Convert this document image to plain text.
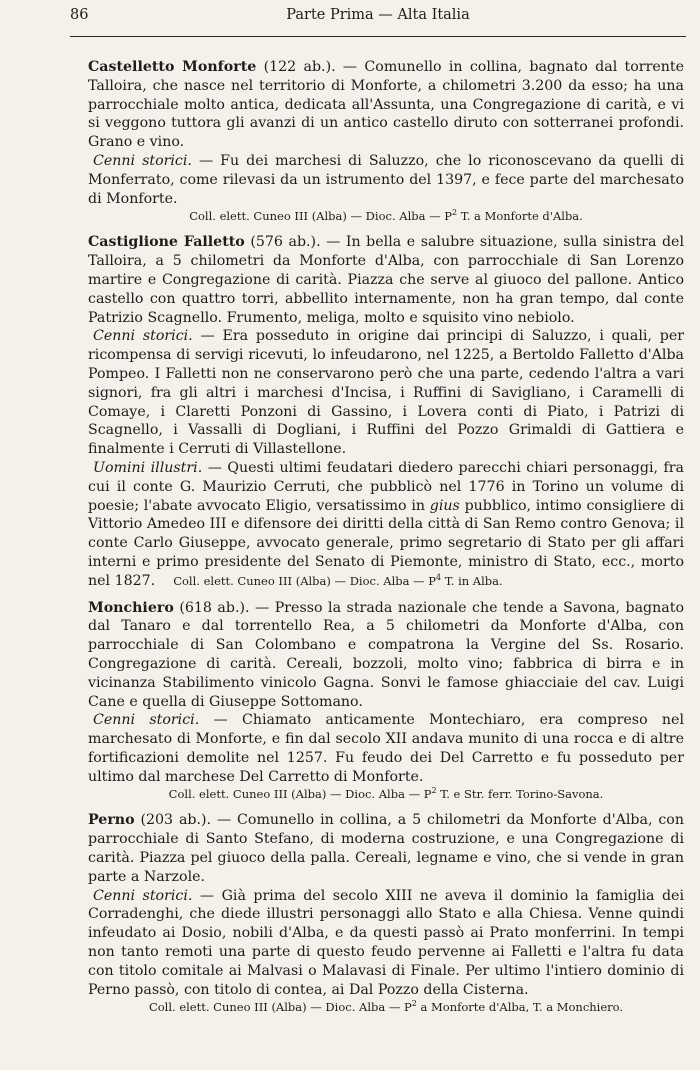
86	Parte Prima — Alta Italia

Castelletto Monforte (122 ab.). — Comunello in collina, bagnato dal torrente Talloira, che nasce nel territorio di Monforte, a chilometri 3.200 da esso; ha una parrocchiale molto antica, dedicata all'Assunta, una Congregazione di carità, e vi si veggono tuttora gli avanzi di un antico castello diruto con sotterranei profondi. Grano e vino.

Cenni storici. — Fu dei marchesi di Saluzzo, che lo riconoscevano da quelli di Monferrato, come rilevasi da un istrumento del 1397, e fece parte del marchesato di Monforte.

Coll. elett. Cuneo III (Alba) — Dioc. Alba — $P^2$ T. a Monforte d'Alba.

Castiglione Falletto (576 ab.). — In bella e salubre situazione, sulla sinistra del Talloira, a 5 chilometri da Monforte d'Alba, con parrocchiale di San Lorenzo martire e Congregazione di carità. Piazza che serve al giuoco del pallone. Antico castello con quattro torri, abbellito internamente, non ha gran tempo, dal conte Patrizio Scagnello. Frumento, meliga, molto e squisito vino nebiolo.

Cenni storici. — Era posseduto in origine dai principi di Saluzzo, i quali, per ricompensa di servigi ricevuti, lo infeudarono, nel 1225, a Bertoldo Falletto d'Alba Pompeo. I Falletti non ne conservarono però che una parte, cedendo l'altra a vari signori, fra gli altri i marchesi d'Incisa, i Ruffini di Savigliano, i Caramelli di Comaye, i Claretti Ponzoni di Gassino, i Lovera conti di Piato, i Patrizi di Scagnello, i Vassalli di Dogliani, i Ruffini del Pozzo Grimaldi di Gattiera e finalmente i Cerruti di Villastellone.

Uomini illustri. — Questi ultimi feudatari diedero parecchi chiari personaggi, fra cui il conte G. Maurizio Cerruti, che pubblicò nel 1776 in Torino un volume di poesie; l'abate avvocato Eligio, versatissimo in gius pubblico, intimo consigliere di Vittorio Amedeo III e difensore dei diritti della città di San Remo contro Genova; il conte Carlo Giuseppe, avvocato generale, primo segretario di Stato per gli affari interni e primo presidente del Senato di Piemonte, ministro di Stato, ecc., morto nel 1827. Coll. elett. Cuneo III (Alba) — Dioc. Alba — $P^4$ T. in Alba.

Monchiero (618 ab.). — Presso la strada nazionale che tende a Savona, bagnato dal Tanaro e dal torrentello Rea, a 5 chilometri da Monforte d'Alba, con parrocchiale di San Colombano e compatrona la Vergine del Ss. Rosario. Congregazione di carità. Cereali, bozzoli, molto vino; fabbrica di birra e in vicinanza Stabilimento vinicolo Gagna. Sonvi le famose ghiacciaie del cav. Luigi Cane e quella di Giuseppe Sottomano.

Cenni storici. — Chiamato anticamente Montechiaro, era compreso nel marchesato di Monforte, e fin dal secolo XII andava munito di una rocca e di altre fortificazioni demolite nel 1257. Fu feudo dei Del Carretto e fu posseduto per ultimo dal marchese Del Carretto di Monforte.

Coll. elett. Cuneo III (Alba) — Dioc. Alba — $P^2$ T. e Str. ferr. Torino-Savona.

Perno (203 ab.). — Comunello in collina, a 5 chilometri da Monforte d'Alba, con parrocchiale di Santo Stefano, di moderna costruzione, e una Congregazione di carità. Piazza pel giuoco della palla. Cereali, legname e vino, che si vende in gran parte a Narzole.

Cenni storici. — Già prima del secolo XIII ne aveva il dominio la famiglia dei Corradenghi, che diede illustri personaggi allo Stato e alla Chiesa. Venne quindi infeudato ai Dosio, nobili d'Alba, e da questi passò ai Prato monferrini. In tempi non tanto remoti una parte di questo feudo pervenne ai Falletti e l'altra fu data con titolo comitale ai Malvasi o Malavasi di Finale. Per ultimo l'intiero dominio di Perno passò, con titolo di contea, ai Dal Pozzo della Cisterna.

Coll. elett. Cuneo III (Alba) — Dioc. Alba — $P^2$ a Monforte d'Alba, T. a Monchiero.
